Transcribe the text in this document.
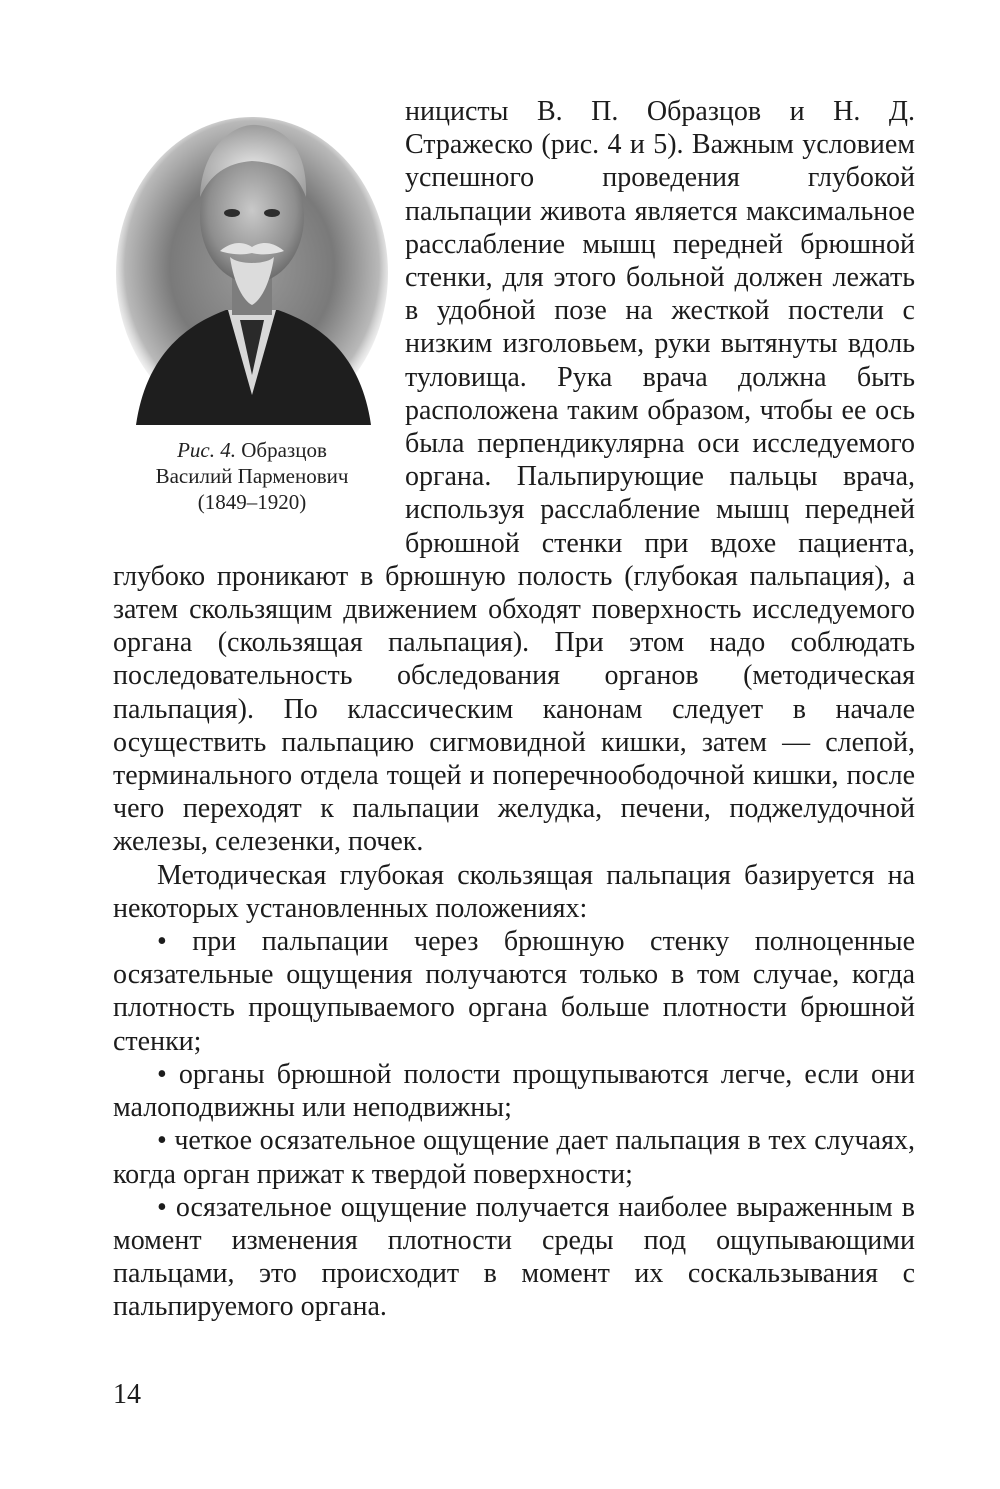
Рис. 4. Образцов
Василий Парменович
(1849–1920)

ницисты В. П. Образцов и Н. Д. Стражеско (рис. 4 и 5). Важным условием успешного проведения глубокой пальпации живота является максимальное расслабление мышц передней брюшной стенки, для этого больной должен лежать в удобной позе на жесткой постели с низким изголовьем, руки вытянуты вдоль туловища. Рука врача должна быть расположена таким образом, чтобы ее ось была перпендикулярна оси исследуемого органа. Пальпирующие пальцы врача, используя расслабление мышц передней брюшной стенки при вдохе пациента, глубоко проникают в брюшную полость (глубокая пальпация), а затем скользящим движением обходят поверхность исследуемого органа (скользящая пальпация). При этом надо соблюдать последовательность обследования органов (методическая пальпация). По классическим канонам следует в начале осуществить пальпацию сигмовидной кишки, затем — слепой, терминального отдела тощей и поперечноободочной кишки, после чего переходят к пальпации желудка, печени, поджелудочной железы, селезенки, почек.

Методическая глубокая скользящая пальпация базируется на некоторых установленных положениях:

• при пальпации через брюшную стенку полноценные осязательные ощущения получаются только в том случае, когда плотность прощупываемого органа больше плотности брюшной стенки;

• органы брюшной полости прощупываются легче, если они малоподвижны или неподвижны;

• четкое осязательное ощущение дает пальпация в тех случаях, когда орган прижат к твердой поверхности;

• осязательное ощущение получается наиболее выраженным в момент изменения плотности среды под ощупывающими пальцами, это происходит в момент их соскальзывания с пальпируемого органа.

14
